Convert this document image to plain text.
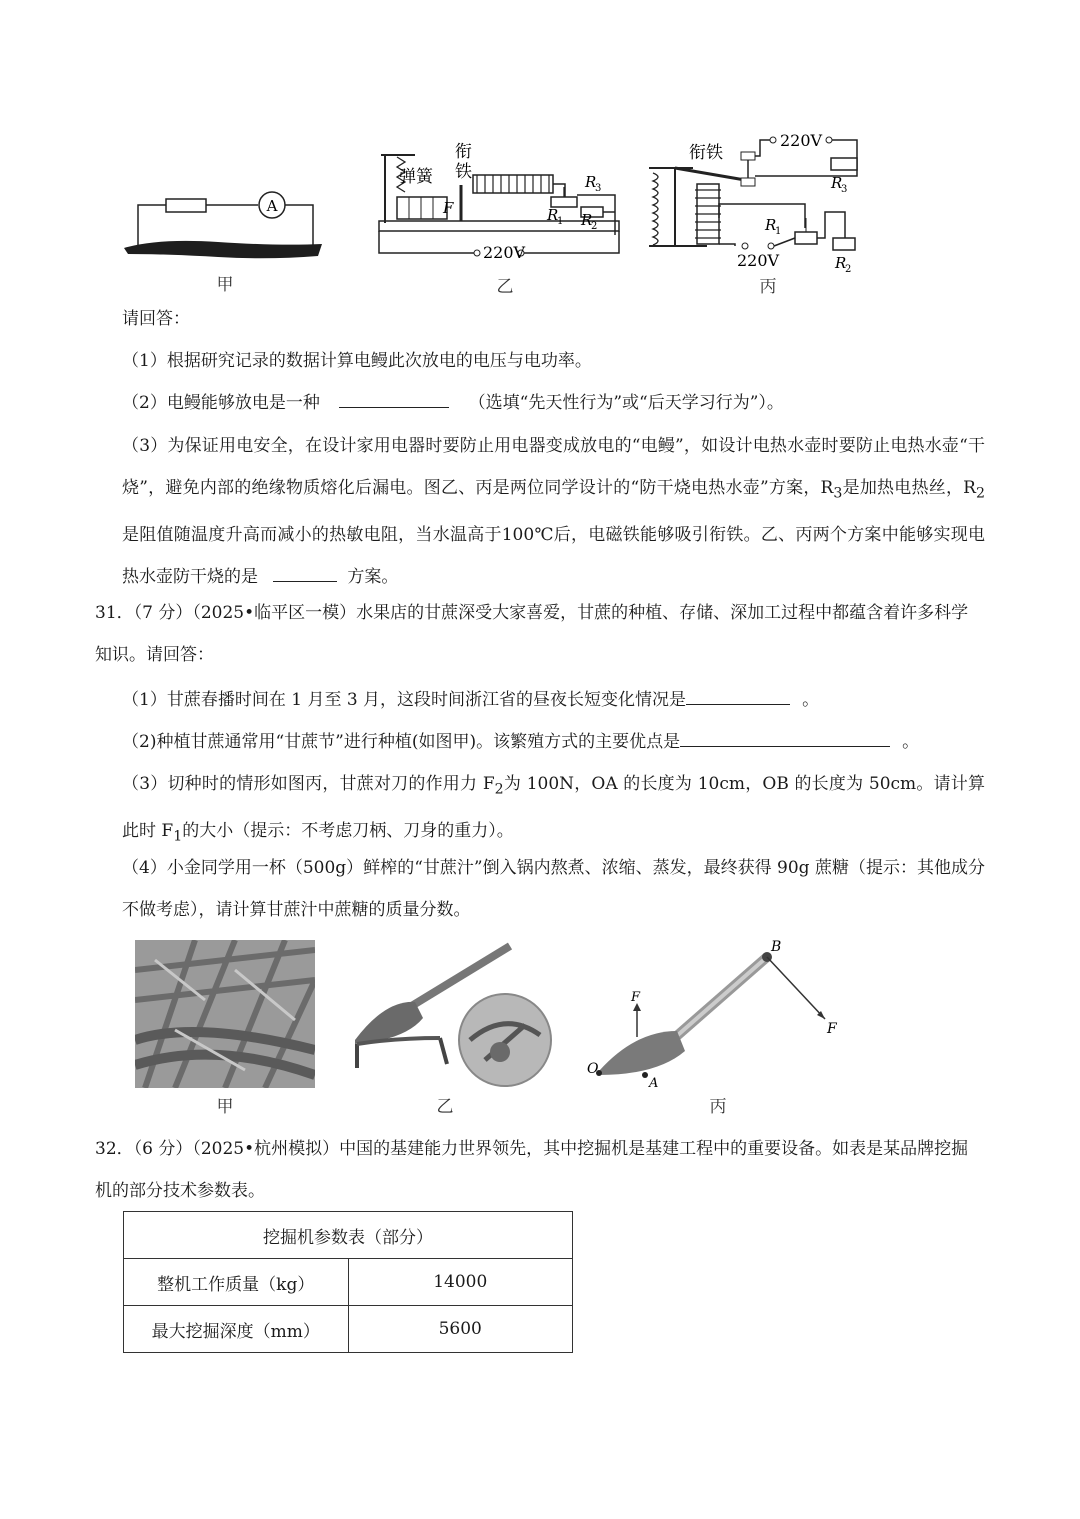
A
甲
弹簧
衔
铁
F
R
3
R
1 R
2
220V
乙
衔铁
220V
R
3
R
1
R
2
220V
丙
请回答：
（1）根据研究记录的数据计算电鳗此次放电的电压与电功率。
（2）电鳗能够放电是一种	（选填“先天性行为”或“后天学习行为”）。
（3）为保证用电安全，在设计家用电器时要防止用电器变成放电的“电鳗”，如设计电热水壶时要防止电热水壶“干烧”，避免内部的绝缘物质熔化后漏电。图乙、丙是两位同学设计的“防干烧电热水壶”方案，$R_3$是加热电热丝，$R_2$是阻值随温度升高而减小的热敏电阻，当水温高于100℃后，电磁铁能够吸引衔铁。乙、丙两个方案中能够实现电热水壶防干烧的是	方案。
31．（7 分）（2025•临平区一模）水果店的甘蔗深受大家喜爱，甘蔗的种植、存储、深加工过程中都蕴含着许多科学知识。请回答：
（1）甘蔗春播时间在 1 月至 3 月，这段时间浙江省的昼夜长短变化情况是	。
（2)种植甘蔗通常用“甘蔗节”进行种植(如图甲)。该繁殖方式的主要优点是	。
（3）切种时的情形如图丙，甘蔗对刀的作用力 $F_2$为 100N，OA 的长度为 10cm，OB 的长度为 50cm。请计算此时 $F_1$的大小（提示：不考虑刀柄、刀身的重力）。
（4）小金同学用一杯（500g）鲜榨的“甘蔗汁”倒入锅内熬煮、浓缩、蒸发，最终获得 90g 蔗糖（提示：其他成分不做考虑），请计算甘蔗汁中蔗糖的质量分数。
甲	乙
B
F
F
O
A
丙
32．（6 分）（2025•杭州模拟）中国的基建能力世界领先，其中挖掘机是基建工程中的重要设备。如表是某品牌挖掘机的部分技术参数表。
挖掘机参数表（部分）	
整机工作质量（kg）	14000
最大挖掘深度（mm）	5600
